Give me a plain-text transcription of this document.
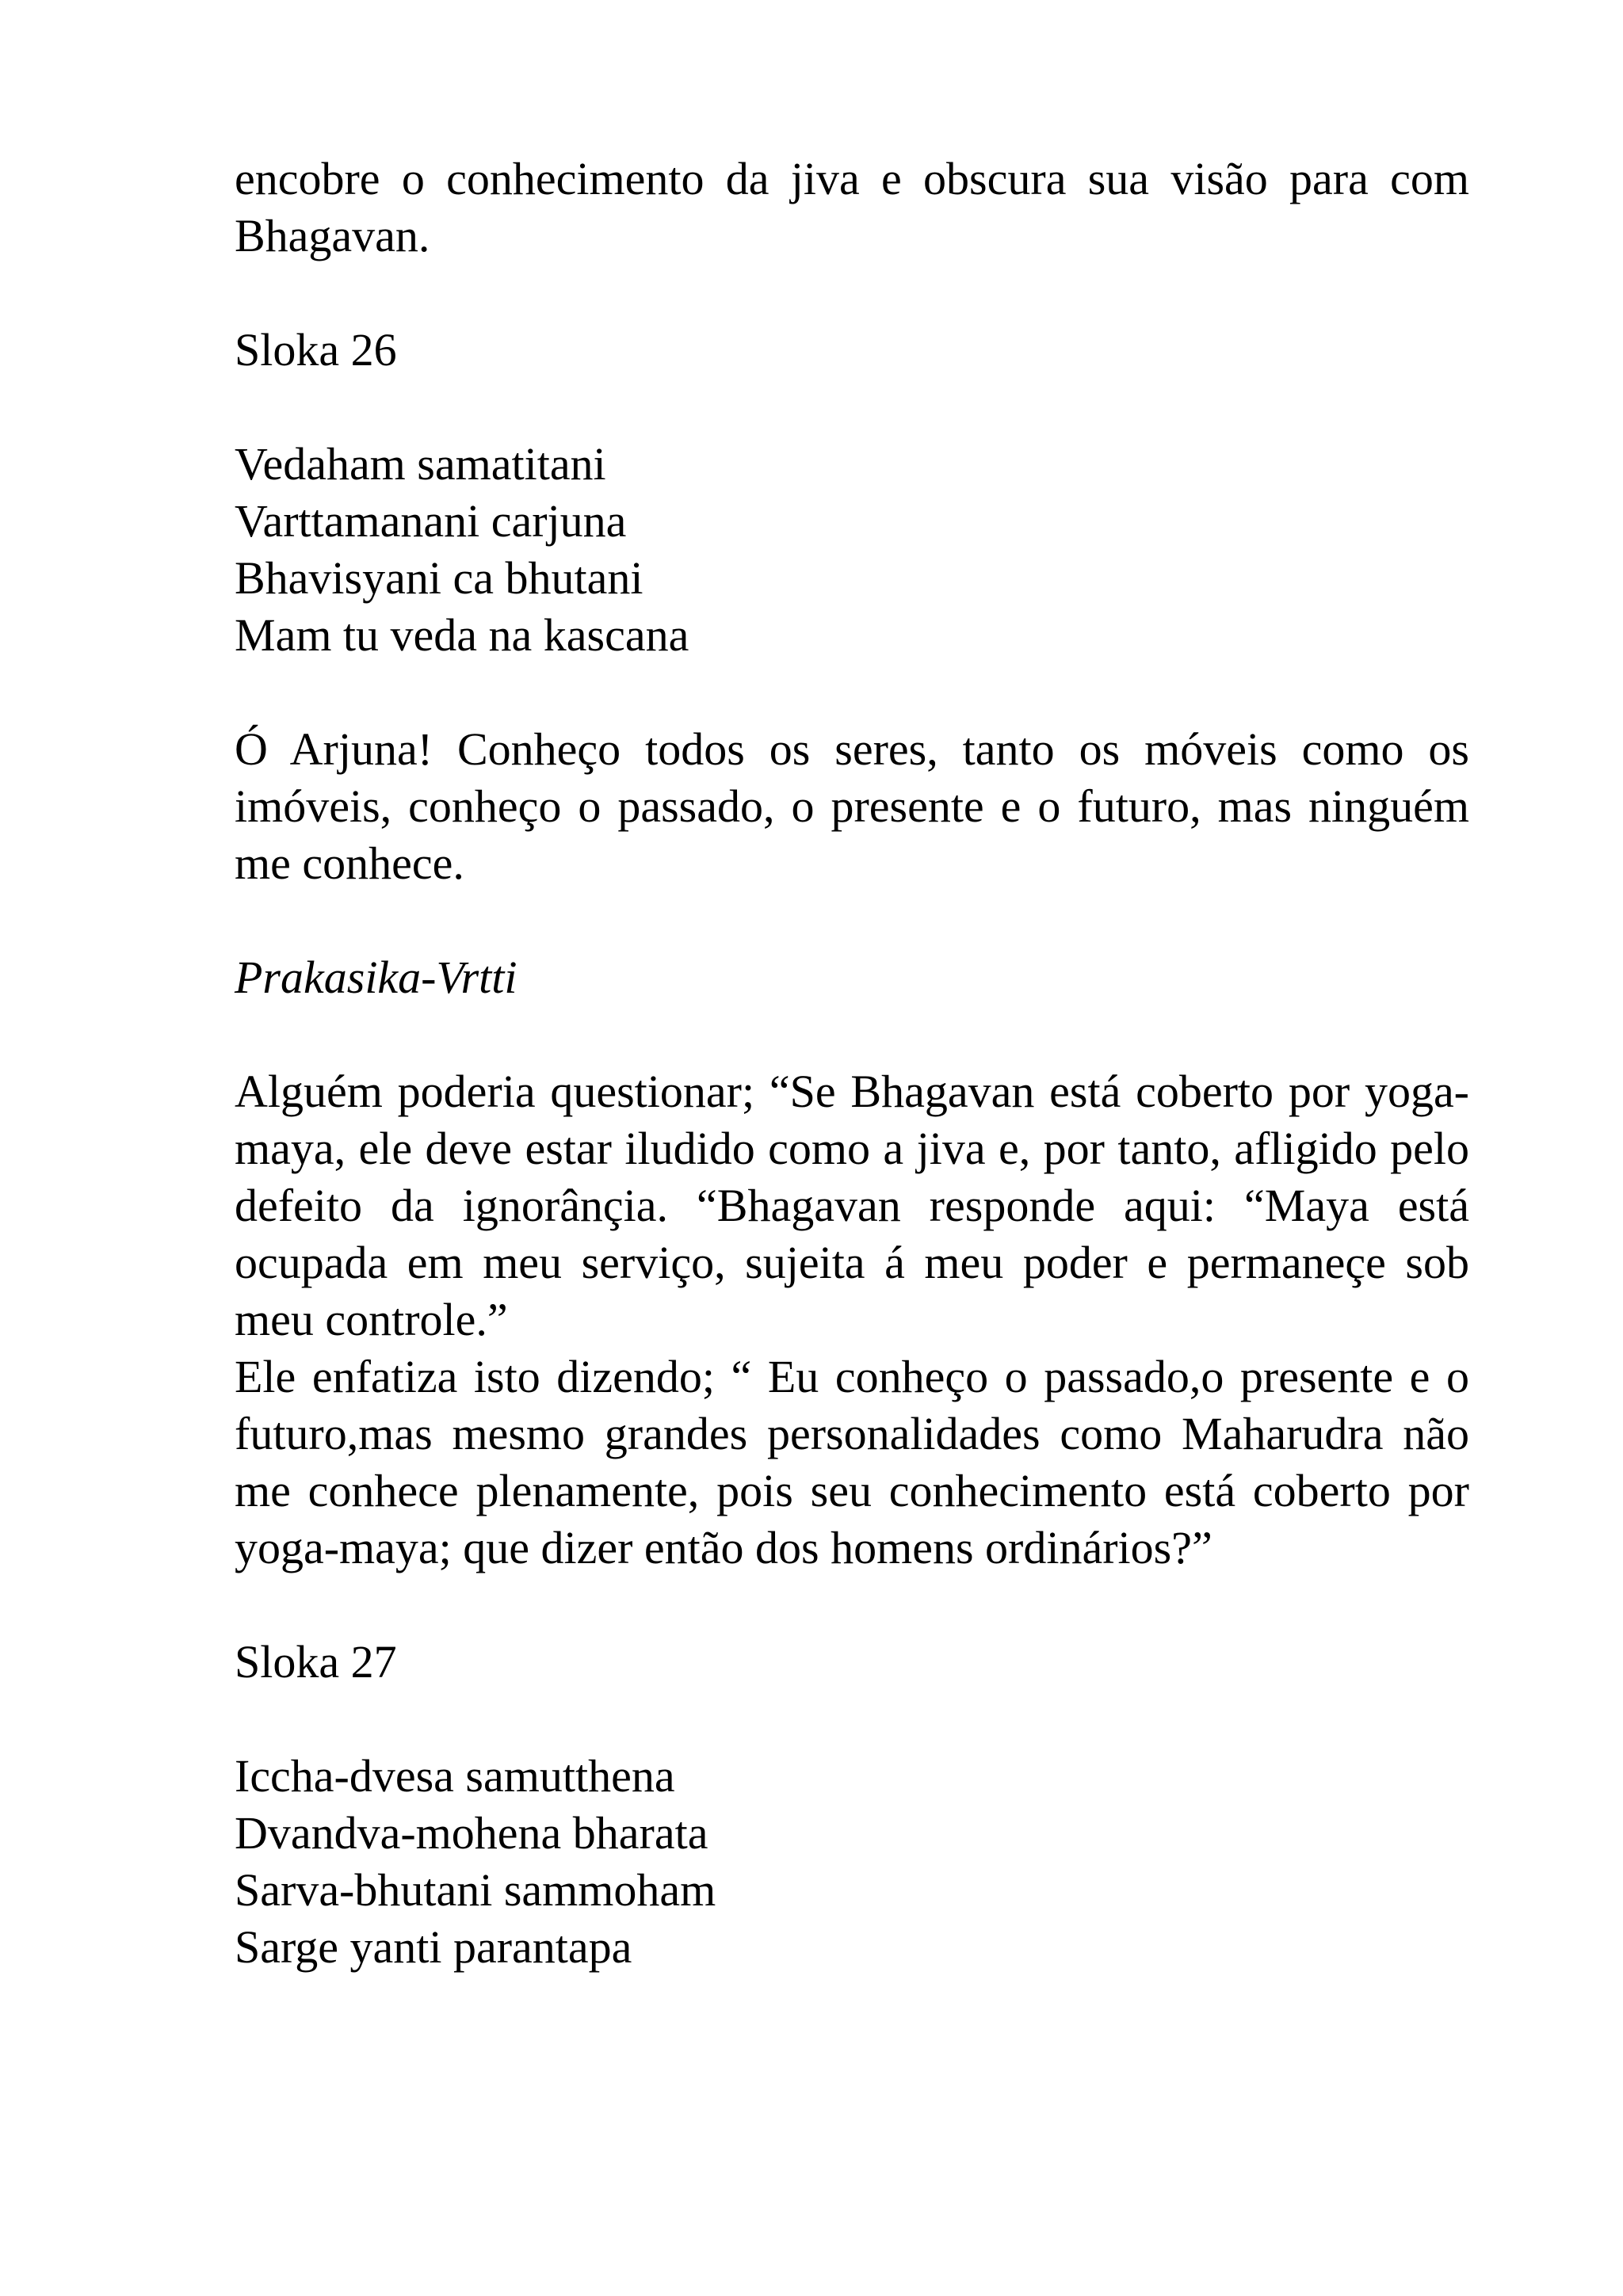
encobre o conhecimento da jiva e obscura sua visão para com Bhagavan.

Sloka 26

Vedaham samatitani
Varttamanani carjuna
Bhavisyani ca bhutani
Mam tu veda na kascana

Ó Arjuna! Conheço todos os seres, tanto os móveis como os imóveis, conheço o passado, o presente e o futuro, mas ninguém me conhece.

Prakasika-Vrtti

Alguém poderia questionar; “Se Bhagavan está coberto por yoga-maya, ele deve estar iludido como a jiva e, por tanto, afligido pelo defeito da ignorânçia. “Bhagavan responde aqui: “Maya está ocupada em meu serviço, sujeita á meu poder e permaneçe sob meu controle.”

Ele enfatiza isto dizendo; “ Eu conheço o passado,o presente e o futuro,mas mesmo grandes personalidades como Maharudra não me conhece plenamente, pois seu conhecimento está coberto por yoga-maya; que dizer então dos homens ordinários?”

Sloka 27

Iccha-dvesa samutthena
Dvandva-mohena bharata
Sarva-bhutani sammoham
Sarge yanti parantapa
